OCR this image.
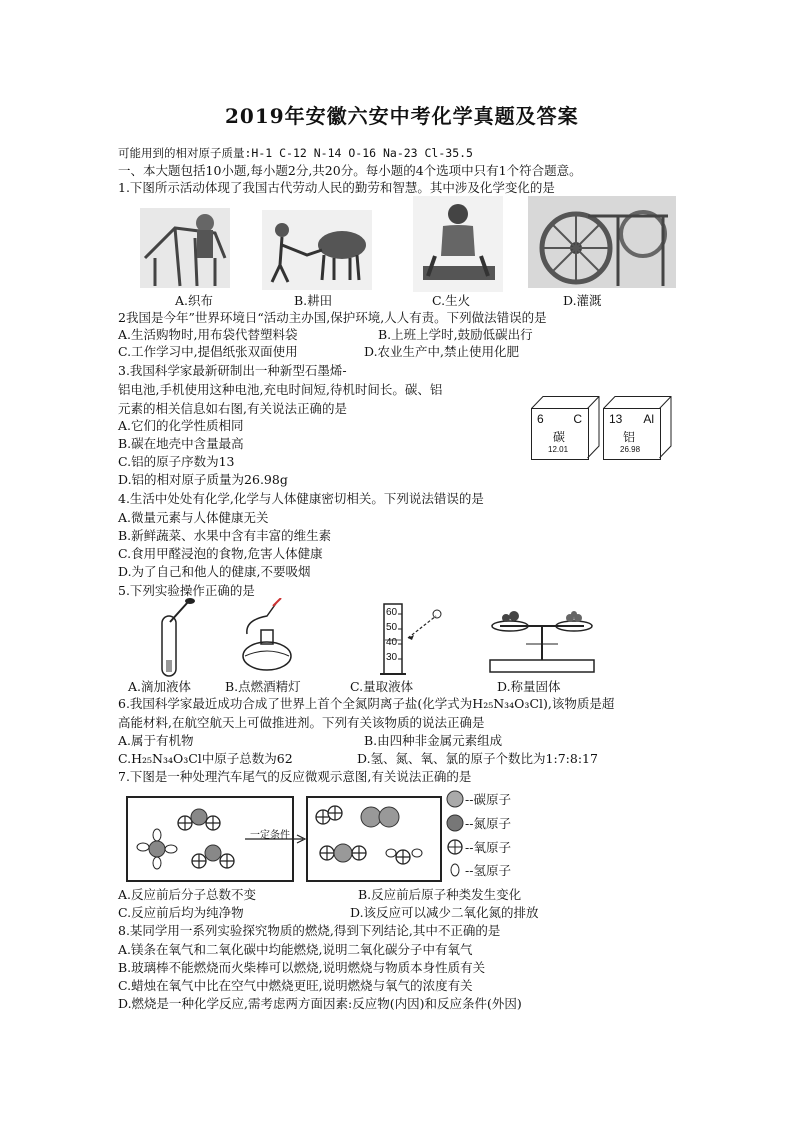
2019年安徽六安中考化学真题及答案
可能用到的相对原子质量:H-1 C-12 N-14 O-16 Na-23 Cl-35.5
一、本大题包括10小题,每小题2分,共20分。每小题的4个选项中只有1个符合题意。
1.下图所示活动体现了我国古代劳动人民的勤劳和智慧。其中涉及化学变化的是
A.织布	B.耕田	C.生火	D.灌溉
2我国是今年”世界环境日“活动主办国,保护环境,人人有责。下列做法错误的是
A.生活购物时,用布袋代替塑料袋	B.上班上学时,鼓励低碳出行
C.工作学习中,提倡纸张双面使用	D.农业生产中,禁止使用化肥
3.我国科学家最新研制出一种新型石墨烯-
铝电池,手机使用这种电池,充电时间短,待机时间长。碳、铝
元素的相关信息如右图,有关说法正确的是
A.它们的化学性质相同
B.碳在地壳中含量最高
C.铝的原子序数为13
D.铝的相对原子质量为26.98g
6 C
碳
12.01
13 Al
铝
26.98
4.生活中处处有化学,化学与人体健康密切相关。下列说法错误的是
A.微量元素与人体健康无关
B.新鲜蔬菜、水果中含有丰富的维生素
C.食用甲醛浸泡的食物,危害人体健康
D.为了自己和他人的健康,不要吸烟
5.下列实验操作正确的是
60
50
40
30
A.滴加液体	B.点燃酒精灯	C.量取液体	D.称量固体
6.我国科学家最近成功合成了世界上首个全氮阴离子盐(化学式为H₂₅N₃₄O₃Cl),该物质是超
高能材料,在航空航天上可做推进剂。下列有关该物质的说法正确是
A.属于有机物	B.由四种非金属元素组成
C.H₂₅N₃₄O₃Cl中原子总数为62	D.氢、氮、氧、氯的原子个数比为1:7:8:17
7.下图是一种处理汽车尾气的反应微观示意图,有关说法正确的是
一定条件
--碳原子
--氮原子
--氧原子
--氢原子
A.反应前后分子总数不变	B.反应前后原子种类发生变化
C.反应前后均为纯净物	D.该反应可以减少二氧化氮的排放
8.某同学用一系列实验探究物质的燃烧,得到下列结论,其中不正确的是
A.镁条在氧气和二氧化碳中均能燃烧,说明二氧化碳分子中有氧气
B.玻璃棒不能燃烧而火柴棒可以燃烧,说明燃烧与物质本身性质有关
C.蜡烛在氧气中比在空气中燃烧更旺,说明燃烧与氧气的浓度有关
D.燃烧是一种化学反应,需考虑两方面因素:反应物(内因)和反应条件(外因)
